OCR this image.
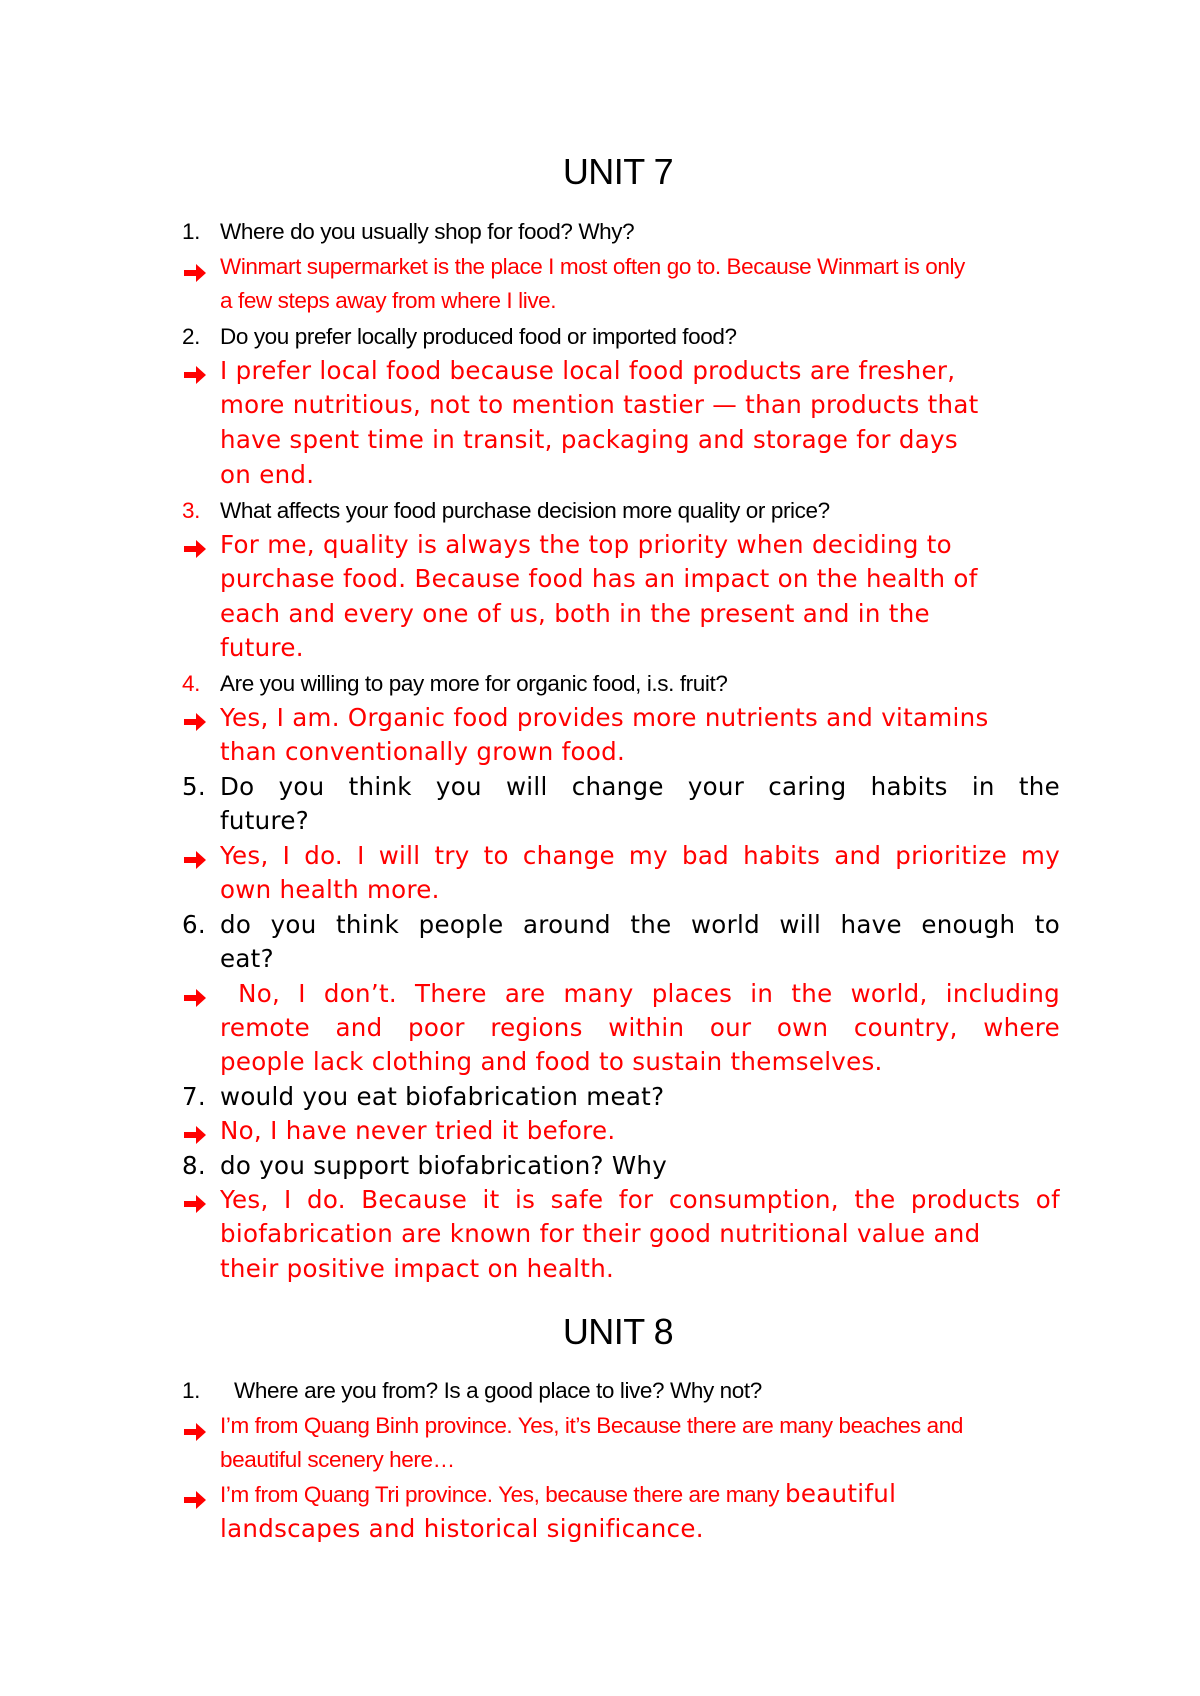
UNIT 7
1. Where do you usually shop for food? Why?
Winmart supermarket is the place I most often go to. Because Winmart is only
a few steps away from where I live.
2. Do you prefer locally produced food or imported food?
I prefer local food because local food products are fresher,
more nutritious, not to mention tastier — than products that
have spent time in transit, packaging and storage for days
on end.
3. What affects your food purchase decision more quality or price?
For me, quality is always the top priority when deciding to
purchase food. Because food has an impact on the health of
each and every one of us, both in the present and in the
future.
4. Are you willing to pay more for organic food, i.s. fruit?
Yes, I am. Organic food provides more nutrients and vitamins
than conventionally grown food.
5. Do you think you will change your caring habits in the
future?
Yes, I do. I will try to change my bad habits and prioritize my
own health more.
6. do you think people around the world will have enough to
eat?
No, I don’t. There are many places in the world, including
remote and poor regions within our own country, where
people lack clothing and food to sustain themselves.
7. would you eat biofabrication meat?
No, I have never tried it before.
8. do you support biofabrication? Why
Yes, I do. Because it is safe for consumption, the products of
biofabrication are known for their good nutritional value and
their positive impact on health.
UNIT 8
1. Where are you from? Is a good place to live? Why not?
I’m from Quang Binh province. Yes, it’s Because there are many beaches and
beautiful scenery here…
I’m from Quang Tri province. Yes, because there are many beautiful
landscapes and historical significance.
